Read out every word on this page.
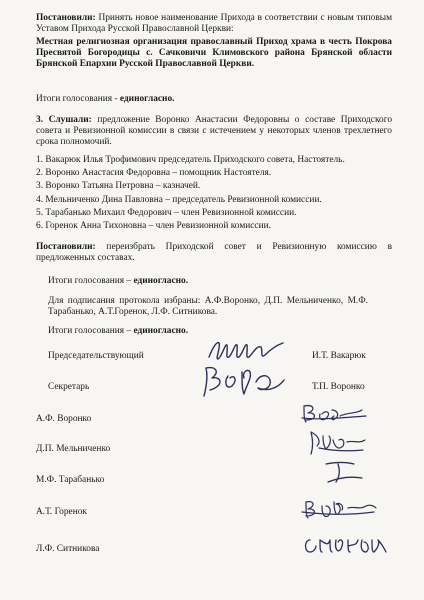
Постановили: Принять новое наименование Прихода в соответствии с новым типовым Уставом Прихода Русской Православной Церкви:
Местная религиозная организация православный Приход храма в честь Покрова Пресвятой Богородицы с. Сачковичи Климовского района Брянской области Брянской Епархии Русской Православной Церкви.
Итоги голосования - единогласно.
3. Слушали: предложение Воронко Анастасии Федоровны о составе Приходского совета и Ревизионной комиссии в связи с истечением у некоторых членов трехлетнего срока полномочий.
1. Вакарюк Илья Трофимович председатель Приходского совета, Настоятель.
2. Воронко Анастасия Федоровна – помощник Настоятеля.
3. Воронко Татьяна Петровна – казначей.
4. Мельниченко Дина Павловна – председатель Ревизионной комиссии.
5. Тарабанько Михаил Федорович – член Ревизионной комиссии.
6. Горенок Анна Тихоновна – член Ревизионной комиссии.
Постановили: переизбрать Приходской совет и Ревизионную комиссию в предложенных составах.
Итоги голосования – единогласно.
Для подписания протокола избраны: А.Ф.Воронко, Д.П. Мельниченко, М.Ф. Тарабанько, А.Т.Горенок, Л.Ф. Ситникова.
Итоги голосования – единогласно.
Председательствующий	И.Т. Вакарюк
Секретарь	Т.П. Воронко
А.Ф. Воронко
Д.П. Мельниченко
М.Ф. Тарабанько
А.Т. Горенок
Л.Ф. Ситникова
